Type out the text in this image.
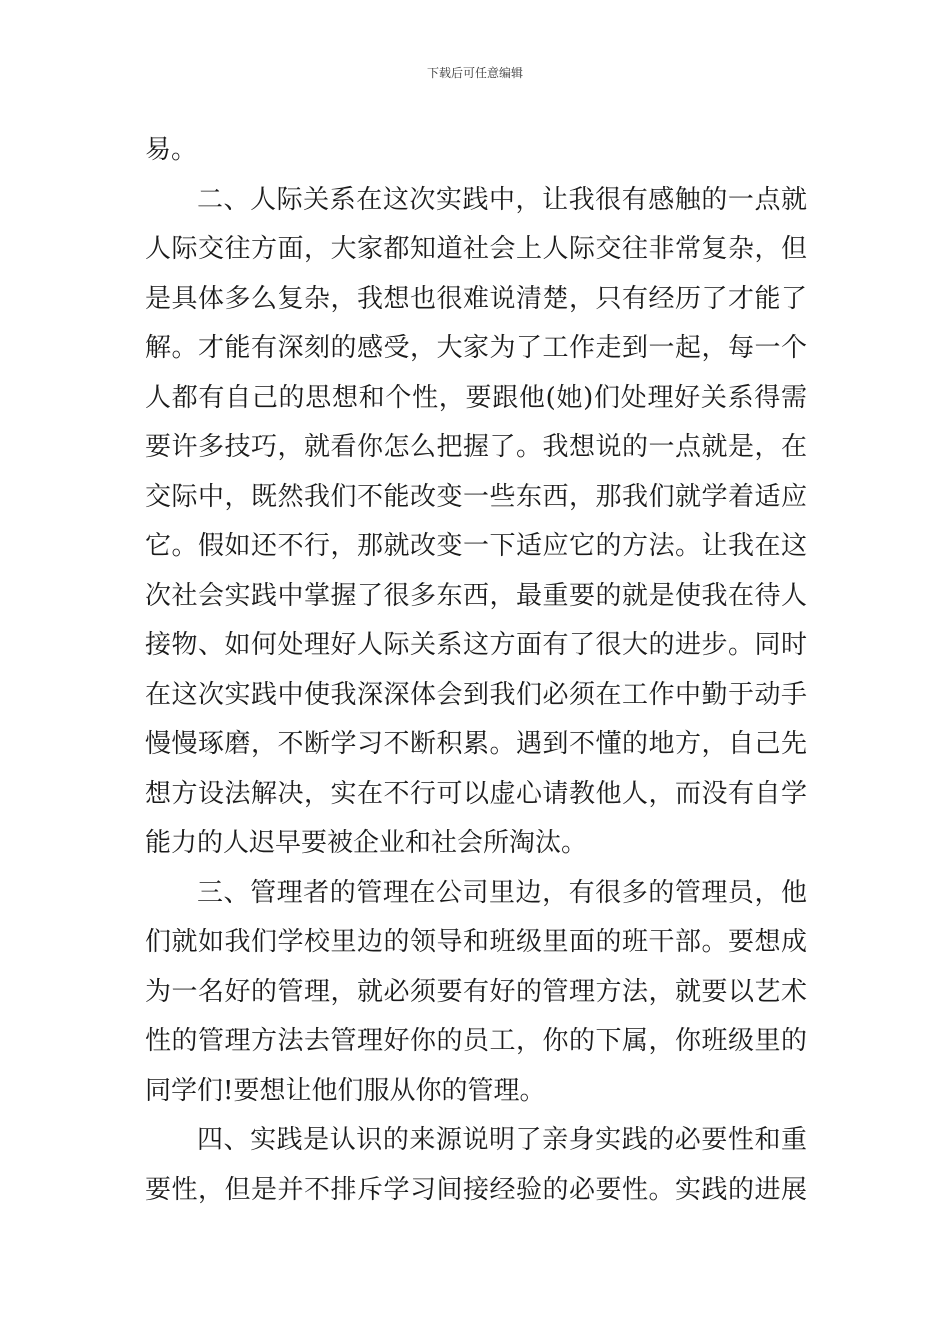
下载后可任意编辑
易。
二、人际关系在这次实践中，让我很有感触的一点就
人际交往方面，大家都知道社会上人际交往非常复杂，但
是具体多么复杂，我想也很难说清楚，只有经历了才能了
解。才能有深刻的感受，大家为了工作走到一起，每一个
人都有自己的思想和个性，要跟他(她)们处理好关系得需
要许多技巧，就看你怎么把握了。我想说的一点就是，在
交际中，既然我们不能改变一些东西，那我们就学着适应
它。假如还不行，那就改变一下适应它的方法。让我在这
次社会实践中掌握了很多东西，最重要的就是使我在待人
接物、如何处理好人际关系这方面有了很大的进步。同时
在这次实践中使我深深体会到我们必须在工作中勤于动手
慢慢琢磨，不断学习不断积累。遇到不懂的地方，自己先
想方设法解决，实在不行可以虚心请教他人，而没有自学
能力的人迟早要被企业和社会所淘汰。
三、管理者的管理在公司里边，有很多的管理员，他
们就如我们学校里边的领导和班级里面的班干部。要想成
为一名好的管理，就必须要有好的管理方法，就要以艺术
性的管理方法去管理好你的员工，你的下属，你班级里的
同学们!要想让他们服从你的管理。
四、实践是认识的来源说明了亲身实践的必要性和重
要性，但是并不排斥学习间接经验的必要性。实践的进展
